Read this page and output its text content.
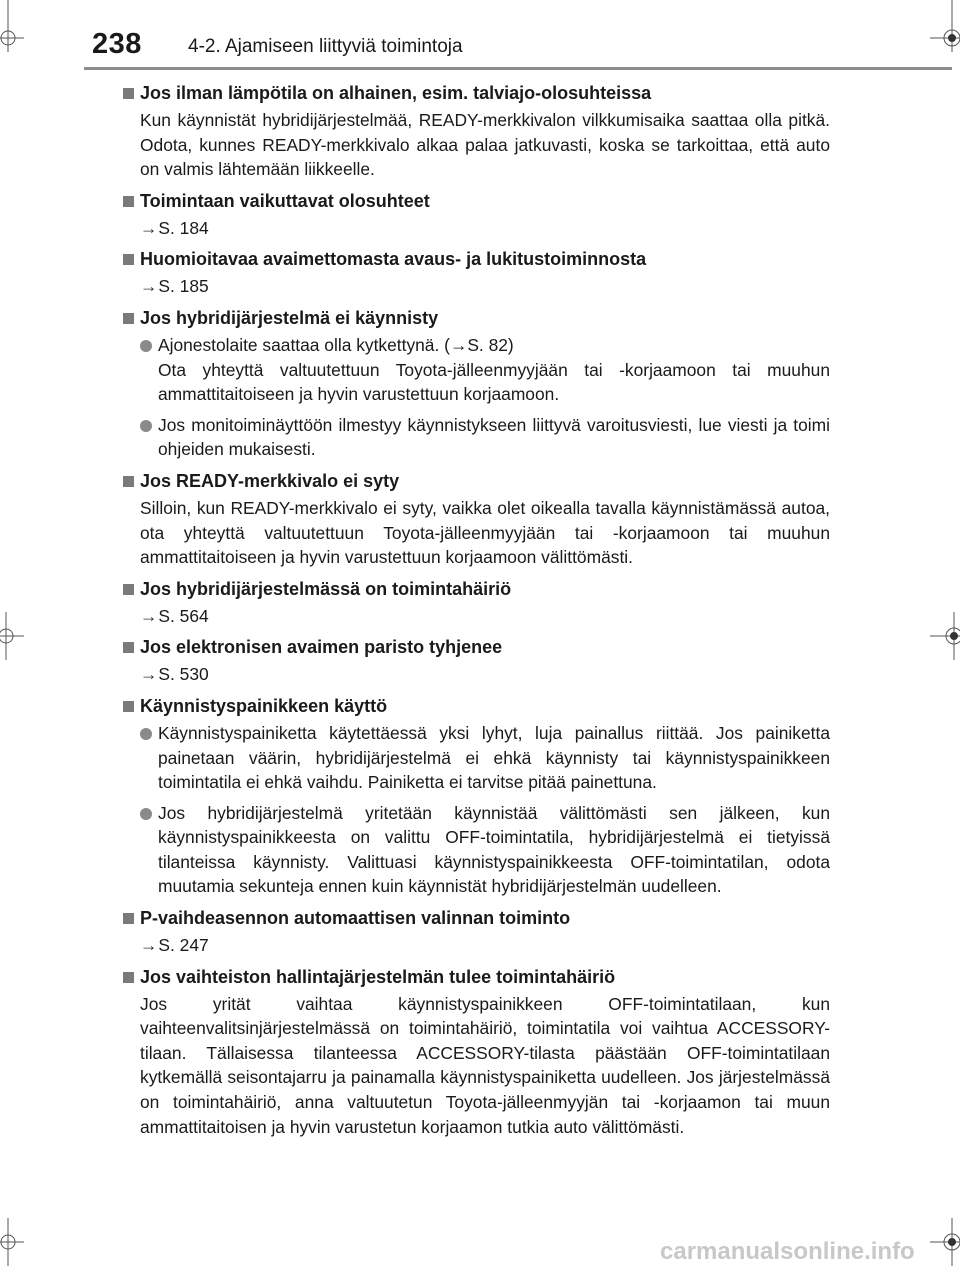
238 4-2. Ajamiseen liittyviä toimintoja
Jos ilman lämpötila on alhainen, esim. talviajo-olosuhteissa
Kun käynnistät hybridijärjestelmää, READY-merkkivalon vilkkumisaika saattaa olla pitkä. Odota, kunnes READY-merkkivalo alkaa palaa jatkuvasti, koska se tarkoittaa, että auto on valmis lähtemään liikkeelle.
Toimintaan vaikuttavat olosuhteet
→S. 184
Huomioitavaa avaimettomasta avaus- ja lukitustoiminnosta
→S. 185
Jos hybridijärjestelmä ei käynnisty
Ajonestolaite saattaa olla kytkettynä. (→S. 82)
Ota yhteyttä valtuutettuun Toyota-jälleenmyyjään tai -korjaamoon tai muuhun ammattitaitoiseen ja hyvin varustettuun korjaamoon.
Jos monitoiminäyttöön ilmestyy käynnistykseen liittyvä varoitusviesti, lue viesti ja toimi ohjeiden mukaisesti.
Jos READY-merkkivalo ei syty
Silloin, kun READY-merkkivalo ei syty, vaikka olet oikealla tavalla käynnistämässä autoa, ota yhteyttä valtuutettuun Toyota-jälleenmyyjään tai -korjaamoon tai muuhun ammattitaitoiseen ja hyvin varustettuun korjaamoon välittömästi.
Jos hybridijärjestelmässä on toimintahäiriö
→S. 564
Jos elektronisen avaimen paristo tyhjenee
→S. 530
Käynnistyspainikkeen käyttö
Käynnistyspainiketta käytettäessä yksi lyhyt, luja painallus riittää. Jos painiketta painetaan väärin, hybridijärjestelmä ei ehkä käynnisty tai käynnistyspainikkeen toimintatila ei ehkä vaihdu. Painiketta ei tarvitse pitää painettuna.
Jos hybridijärjestelmä yritetään käynnistää välittömästi sen jälkeen, kun käynnistyspainikkeesta on valittu OFF-toimintatila, hybridijärjestelmä ei tietyissä tilanteissa käynnisty. Valittuasi käynnistyspainikkeesta OFF-toimintatilan, odota muutamia sekunteja ennen kuin käynnistät hybridijärjestelmän uudelleen.
P-vaihdeasennon automaattisen valinnan toiminto
→S. 247
Jos vaihteiston hallintajärjestelmän tulee toimintahäiriö
Jos yrität vaihtaa käynnistyspainikkeen OFF-toimintatilaan, kun vaihteenvalitsinjärjestelmässä on toimintahäiriö, toimintatila voi vaihtua ACCESSORY-tilaan. Tällaisessa tilanteessa ACCESSORY-tilasta päästään OFF-toimintatilaan kytkemällä seisontajarru ja painamalla käynnistyspainiketta uudelleen. Jos järjestelmässä on toimintahäiriö, anna valtuutetun Toyota-jälleenmyyjän tai -korjaamon tai muun ammattitaitoisen ja hyvin varustetun korjaamon tutkia auto välittömästi.
carmanualsonline.info
